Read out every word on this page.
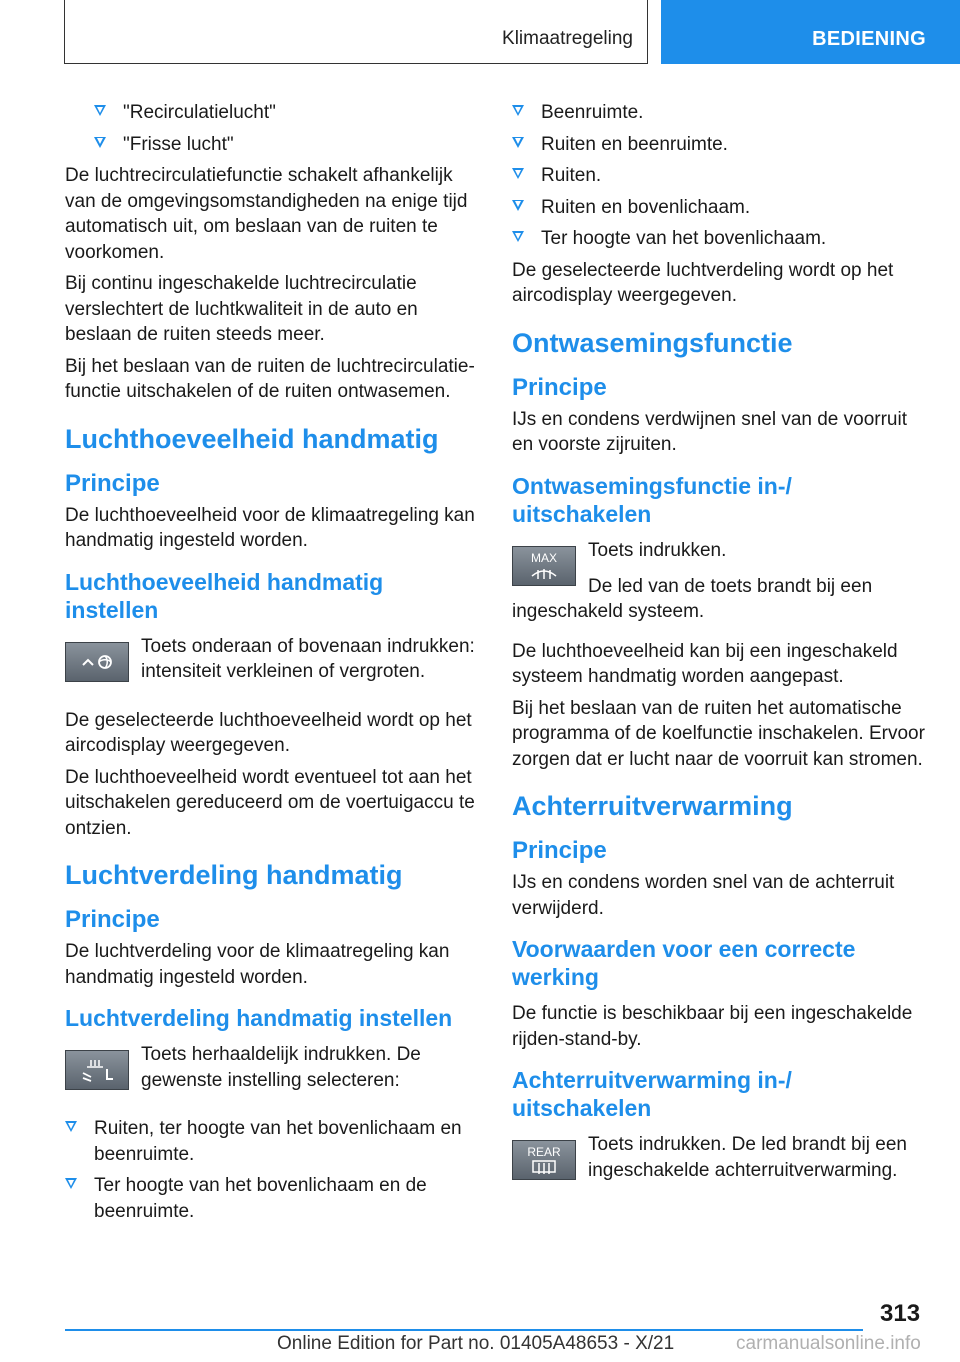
Klimaatregeling	BEDIENING
"Recirculatielucht"
"Frisse lucht"

De luchtrecirculatiefunctie schakelt afhankelijk van de omgevingsomstandigheden na enige tijd automatisch uit, om beslaan van de ruiten te voorkomen.

Bij continu ingeschakelde luchtrecirculatie verslechtert de luchtkwaliteit in de auto en beslaan de ruiten steeds meer.

Bij het beslaan van de ruiten de luchtrecirculatie-functie uitschakelen of de ruiten ontwasemen.

Luchthoeveelheid handmatig
Principe

De luchthoeveelheid voor de klimaatregeling kan handmatig ingesteld worden.

Luchthoeveelheid handmatig instellen

Toets onderaan of bovenaan indrukken: intensiteit verkleinen of vergroten.

De geselecteerde luchthoeveelheid wordt op het aircodisplay weergegeven.

De luchthoeveelheid wordt eventueel tot aan het uitschakelen gereduceerd om de voertuigaccu te ontzien.

Luchtverdeling handmatig
Principe

De luchtverdeling voor de klimaatregeling kan handmatig ingesteld worden.

Luchtverdeling handmatig instellen

Toets herhaaldelijk indrukken. De gewenste instelling selecteren:

Ruiten, ter hoogte van het bovenlichaam en beenruimte.
Ter hoogte van het bovenlichaam en de beenruimte.
Beenruimte.
Ruiten en beenruimte.
Ruiten.
Ruiten en bovenlichaam.
Ter hoogte van het bovenlichaam.

De geselecteerde luchtverdeling wordt op het aircodisplay weergegeven.

Ontwasemingsfunctie
Principe

IJs en condens verdwijnen snel van de voorruit en voorste zijruiten.

Ontwasemingsfunctie in-/ uitschakelen
MAX Toets indrukken.

De led van de toets brandt bij een ingeschakeld systeem.

De luchthoeveelheid kan bij een ingeschakeld systeem handmatig worden aangepast.

Bij het beslaan van de ruiten het automatische programma of de koelfunctie inschakelen. Ervoor zorgen dat er lucht naar de voorruit kan stromen.

Achterruitverwarming
Principe

IJs en condens worden snel van de achterruit verwijderd.

Voorwaarden voor een correcte werking

De functie is beschikbaar bij een ingeschakelde rijden-stand-by.

Achterruitverwarming in-/ uitschakelen
REAR Toets indrukken. De led brandt bij een ingeschakelde achterruitverwarming.

313
Online Edition for Part no. 01405A48653 - X/21	carmanualsonline.info
